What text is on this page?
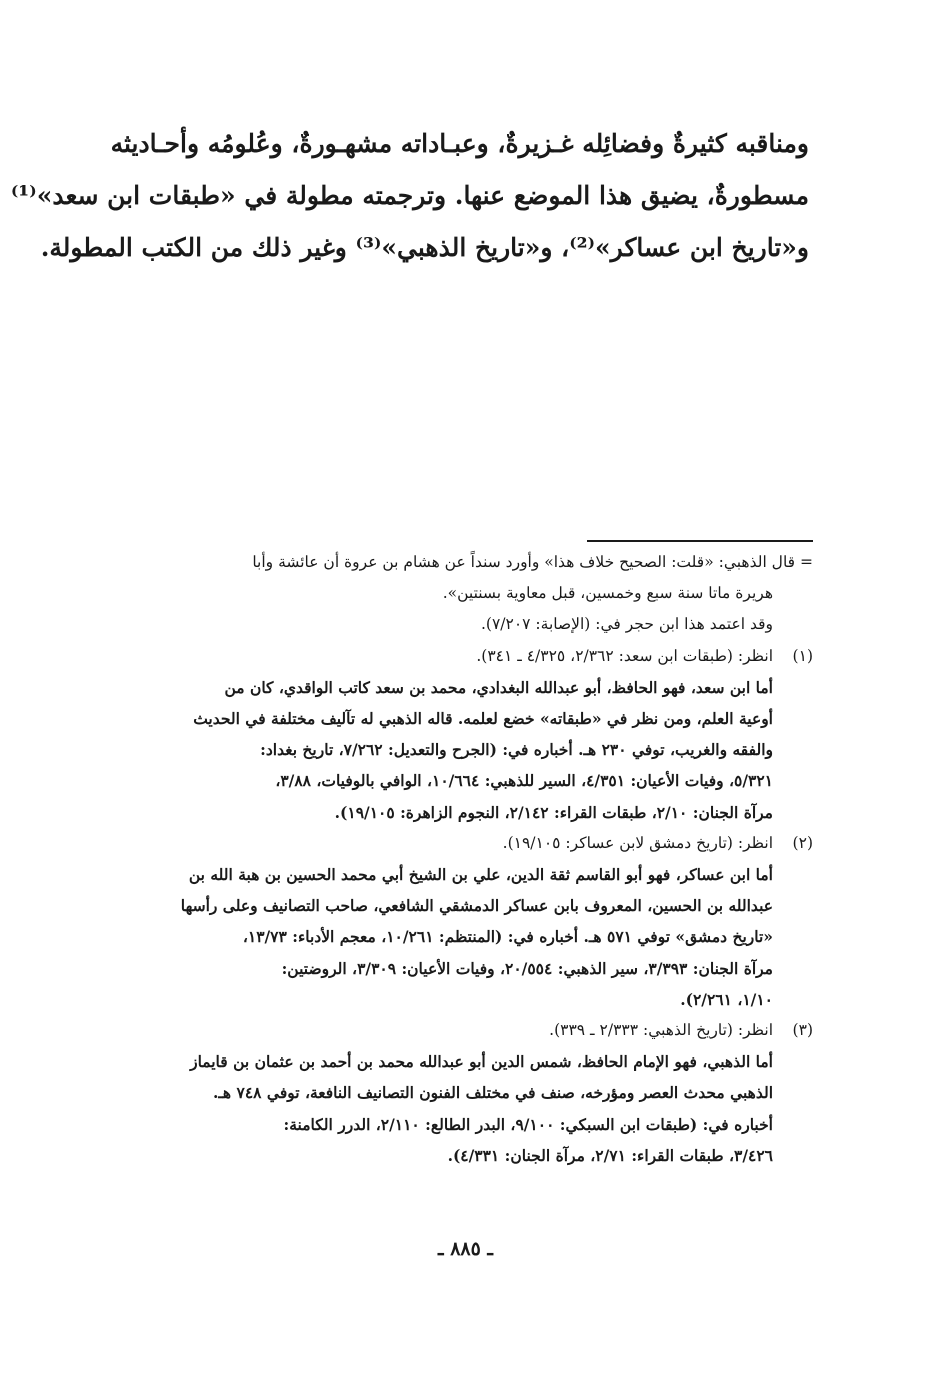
ومناقبه كثيرةٌ وفضائِله غـزيرةٌ، وعبـاداته مشهـورةٌ، وعُلومُه وأحـاديثه
مسطورةٌ، يضيق هذا الموضع عنها. وترجمته مطولة في «طبقات ابن سعد»⁽¹⁾
و«تاريخ ابن عساكر»⁽²⁾، و«تاريخ الذهبي»⁽³⁾ وغير ذلك من الكتب المطولة.
= قال الذهبي: «قلت: الصحيح خلاف هذا» وأورد سنداً عن هشام بن عروة أن عائشة وأبا
هريرة ماتا سنة سبع وخمسين، قبل معاوية بسنتين».
وقد اعتمد هذا ابن حجر في: (الإصابة: ٧/٢٠٧).
(١)
انظر: (طبقات ابن سعد: ٢/٣٦٢، ٤/٣٢٥ ـ ٣٤١).
أما ابن سعد، فهو الحافظ، أبو عبدالله البغدادي، محمد بن سعد كاتب الواقدي، كان من
أوعية العلم، ومن نظر في «طبقاته» خضع لعلمه. قاله الذهبي له تآليف مختلفة في الحديث
والفقه والغريب، توفي ٢٣٠ هـ. أخباره في: (الجرح والتعديل: ٧/٢٦٢، تاريخ بغداد:
٥/٣٢١، وفيات الأعيان: ٤/٣٥١، السير للذهبي: ١٠/٦٦٤، الوافي بالوفيات، ٣/٨٨،
مرآة الجنان: ٢/١٠، طبقات القراء: ٢/١٤٢، النجوم الزاهرة: ١٩/١٠٥).
(٢)
انظر: (تاريخ دمشق لابن عساكر: ١٩/١٠٥).
أما ابن عساكر، فهو أبو القاسم ثقة الدين، علي بن الشيخ أبي محمد الحسين بن هبة الله بن
عبدالله بن الحسين، المعروف بابن عساكر الدمشقي الشافعي، صاحب التصانيف وعلى رأسها
«تاريخ دمشق» توفي ٥٧١ هـ. أخباره في: (المنتظم: ١٠/٢٦١، معجم الأدباء: ١٣/٧٣،
مرآة الجنان: ٣/٣٩٣، سير الذهبي: ٢٠/٥٥٤، وفيات الأعيان: ٣/٣٠٩، الروضتين:
١/١٠، ٢/٢٦١).
(٣)
انظر: (تاريخ الذهبي: ٢/٣٣٣ ـ ٣٣٩).
أما الذهبي، فهو الإمام الحافظ، شمس الدين أبو عبدالله محمد بن أحمد بن عثمان بن قايماز
الذهبي محدث العصر ومؤرخه، صنف في مختلف الفنون التصانيف النافعة، توفي ٧٤٨ هـ.
أخباره في: (طبقات ابن السبكي: ٩/١٠٠، البدر الطالع: ٢/١١٠، الدرر الكامنة:
٣/٤٢٦، طبقات القراء: ٢/٧١، مرآة الجنان: ٤/٣٣١).
ـ ٨٨٥ ـ
